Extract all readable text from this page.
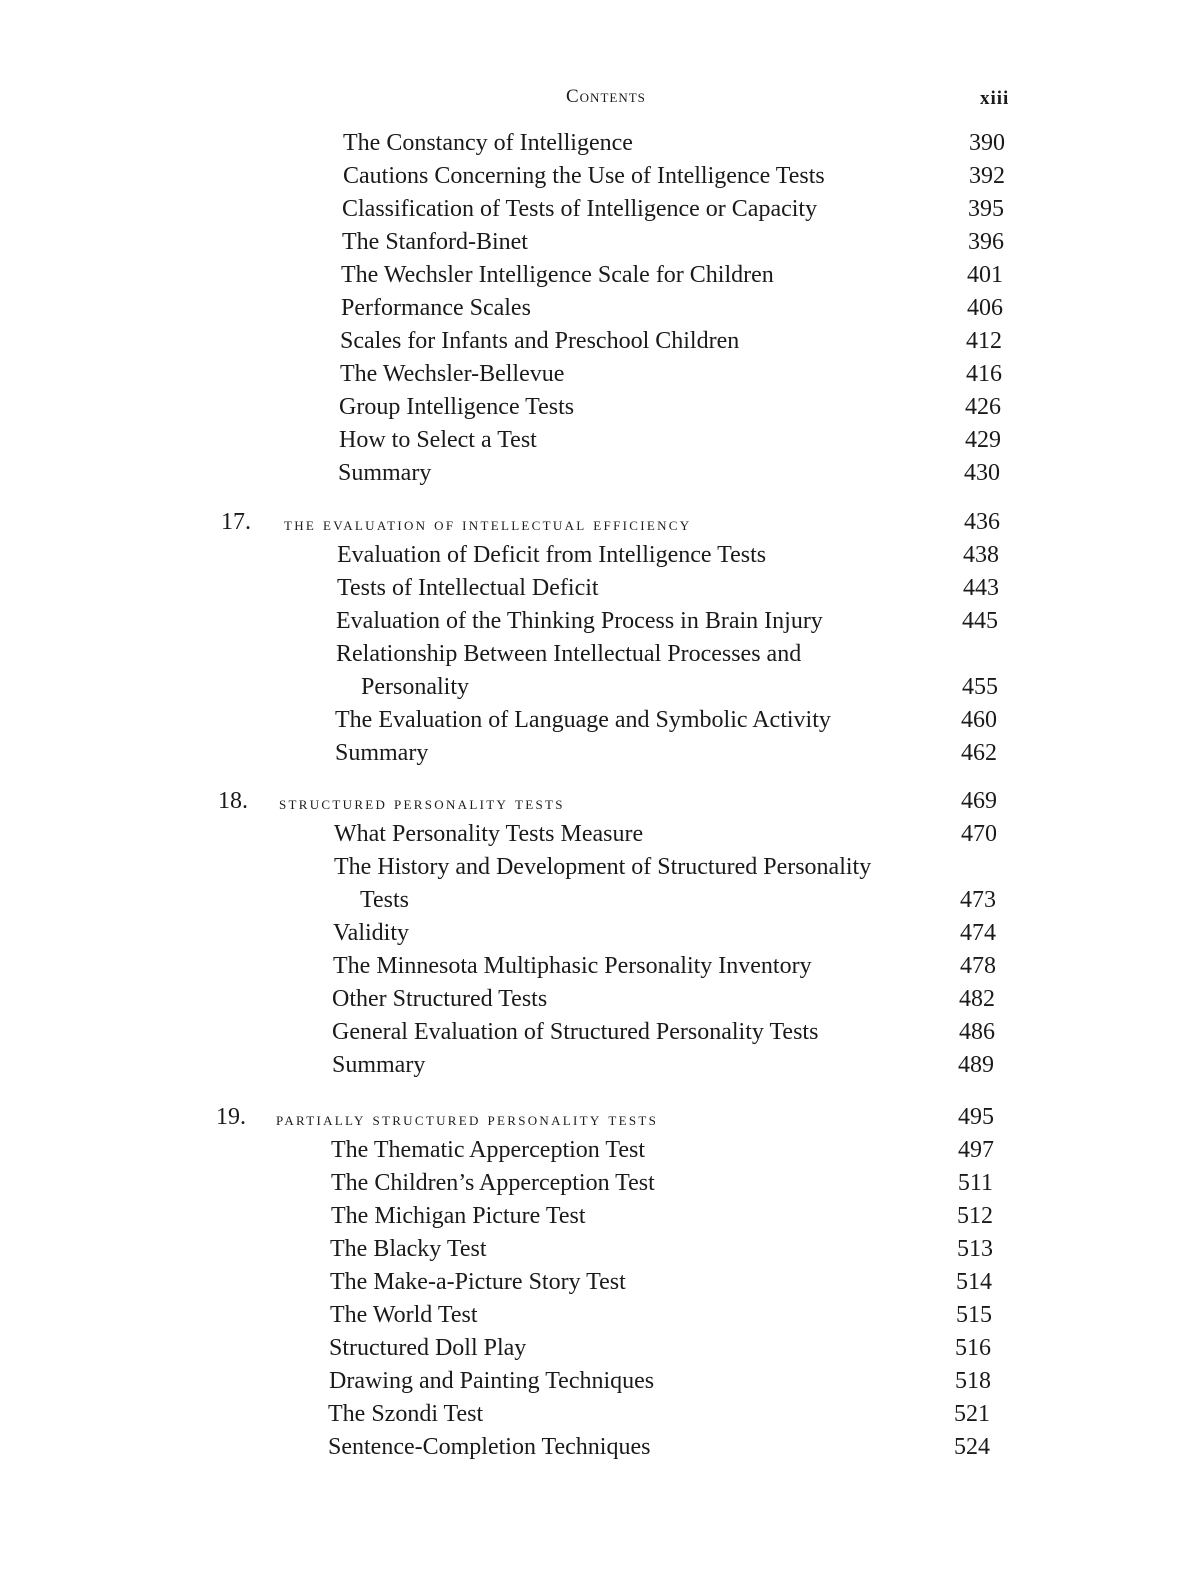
Contents	xiii
The Constancy of Intelligence	390
Cautions Concerning the Use of Intelligence Tests	392
Classification of Tests of Intelligence or Capacity	395
The Stanford-Binet	396
The Wechsler Intelligence Scale for Children	401
Performance Scales	406
Scales for Infants and Preschool Children	412
The Wechsler-Bellevue	416
Group Intelligence Tests	426
How to Select a Test	429
Summary	430
17. the evaluation of intellectual efficiency	436
Evaluation of Deficit from Intelligence Tests	438
Tests of Intellectual Deficit	443
Evaluation of the Thinking Process in Brain Injury	445
Relationship Between Intellectual Processes and
Personality	455
The Evaluation of Language and Symbolic Activity	460
Summary	462
18. structured personality tests	469
What Personality Tests Measure	470
The History and Development of Structured Personality
Tests	473
Validity	474
The Minnesota Multiphasic Personality Inventory	478
Other Structured Tests	482
General Evaluation of Structured Personality Tests	486
Summary	489
19. partially structured personality tests	495
The Thematic Apperception Test	497
The Children’s Apperception Test	511
The Michigan Picture Test	512
The Blacky Test	513
The Make-a-Picture Story Test	514
The World Test	515
Structured Doll Play	516
Drawing and Painting Techniques	518
The Szondi Test	521
Sentence-Completion Techniques	524
